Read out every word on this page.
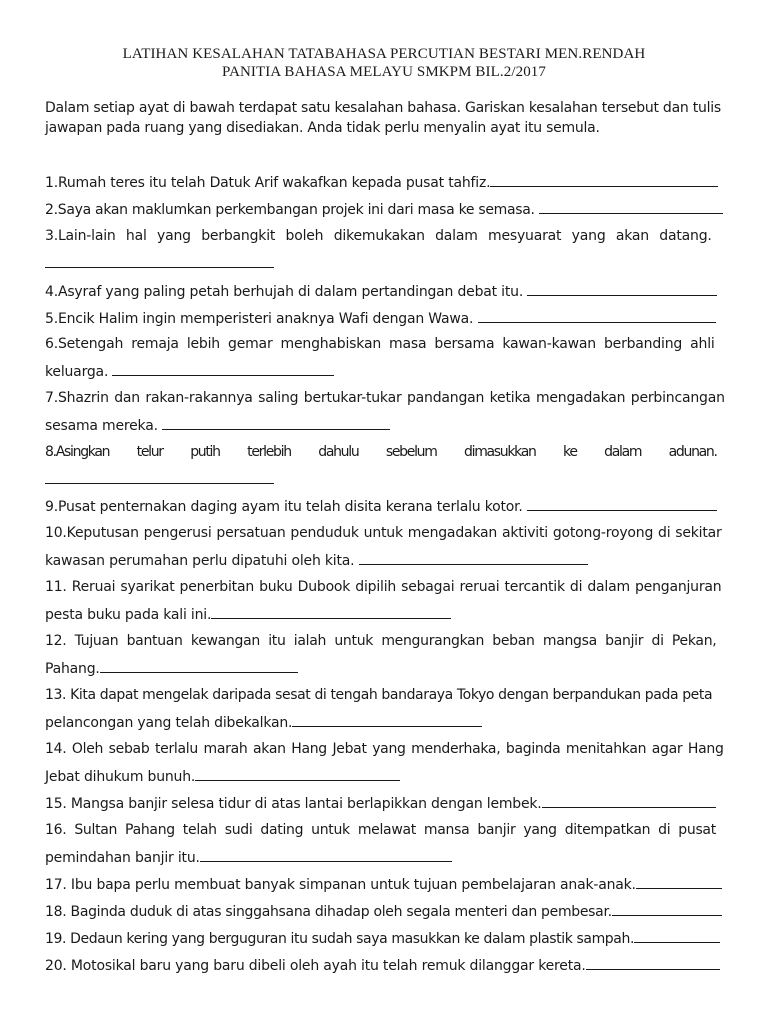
LATIHAN KESALAHAN TATABAHASA PERCUTIAN BESTARI MEN.RENDAH
PANITIA BAHASA MELAYU SMKPM BIL.2/2017
Dalam setiap ayat di bawah terdapat satu kesalahan bahasa. Gariskan kesalahan tersebut dan tulis
jawapan pada ruang yang disediakan. Anda tidak perlu menyalin ayat itu semula.
1.Rumah teres itu telah Datuk Arif wakafkan kepada pusat tahfiz.
2.Saya akan maklumkan perkembangan projek ini dari masa ke semasa.
3.Lain-lain hal yang berbangkit boleh dikemukakan dalam mesyuarat yang akan datang.
4.Asyraf yang paling petah berhujah di dalam pertandingan debat itu.
5.Encik Halim ingin memperisteri anaknya Wafi dengan Wawa.
6.Setengah remaja lebih gemar menghabiskan masa bersama kawan-kawan berbanding ahli
keluarga.
7.Shazrin dan rakan-rakannya saling bertukar-tukar pandangan ketika mengadakan perbincangan
sesama mereka.
8.Asingkan telur putih terlebih dahulu sebelum dimasukkan ke dalam adunan.
9.Pusat penternakan daging ayam itu telah disita kerana terlalu kotor.
10.Keputusan pengerusi persatuan penduduk untuk mengadakan aktiviti gotong-royong di sekitar
kawasan perumahan perlu dipatuhi oleh kita.
11. Reruai syarikat penerbitan buku Dubook dipilih sebagai reruai tercantik di dalam penganjuran
pesta buku pada kali ini.
12. Tujuan bantuan kewangan itu ialah untuk mengurangkan beban mangsa banjir di Pekan,
Pahang.
13. Kita dapat mengelak daripada sesat di tengah bandaraya Tokyo dengan berpandukan pada peta
pelancongan yang telah dibekalkan.
14. Oleh sebab terlalu marah akan Hang Jebat yang menderhaka, baginda menitahkan agar Hang
Jebat dihukum bunuh.
15. Mangsa banjir selesa tidur di atas lantai berlapikkan dengan lembek.
16. Sultan Pahang telah sudi dating untuk melawat mansa banjir yang ditempatkan di pusat
pemindahan banjir itu.
17. Ibu bapa perlu membuat banyak simpanan untuk tujuan pembelajaran anak-anak.
18. Baginda duduk di atas singgahsana dihadap oleh segala menteri dan pembesar.
19. Dedaun kering yang berguguran itu sudah saya masukkan ke dalam plastik sampah.
20. Motosikal baru yang baru dibeli oleh ayah itu telah remuk dilanggar kereta.
